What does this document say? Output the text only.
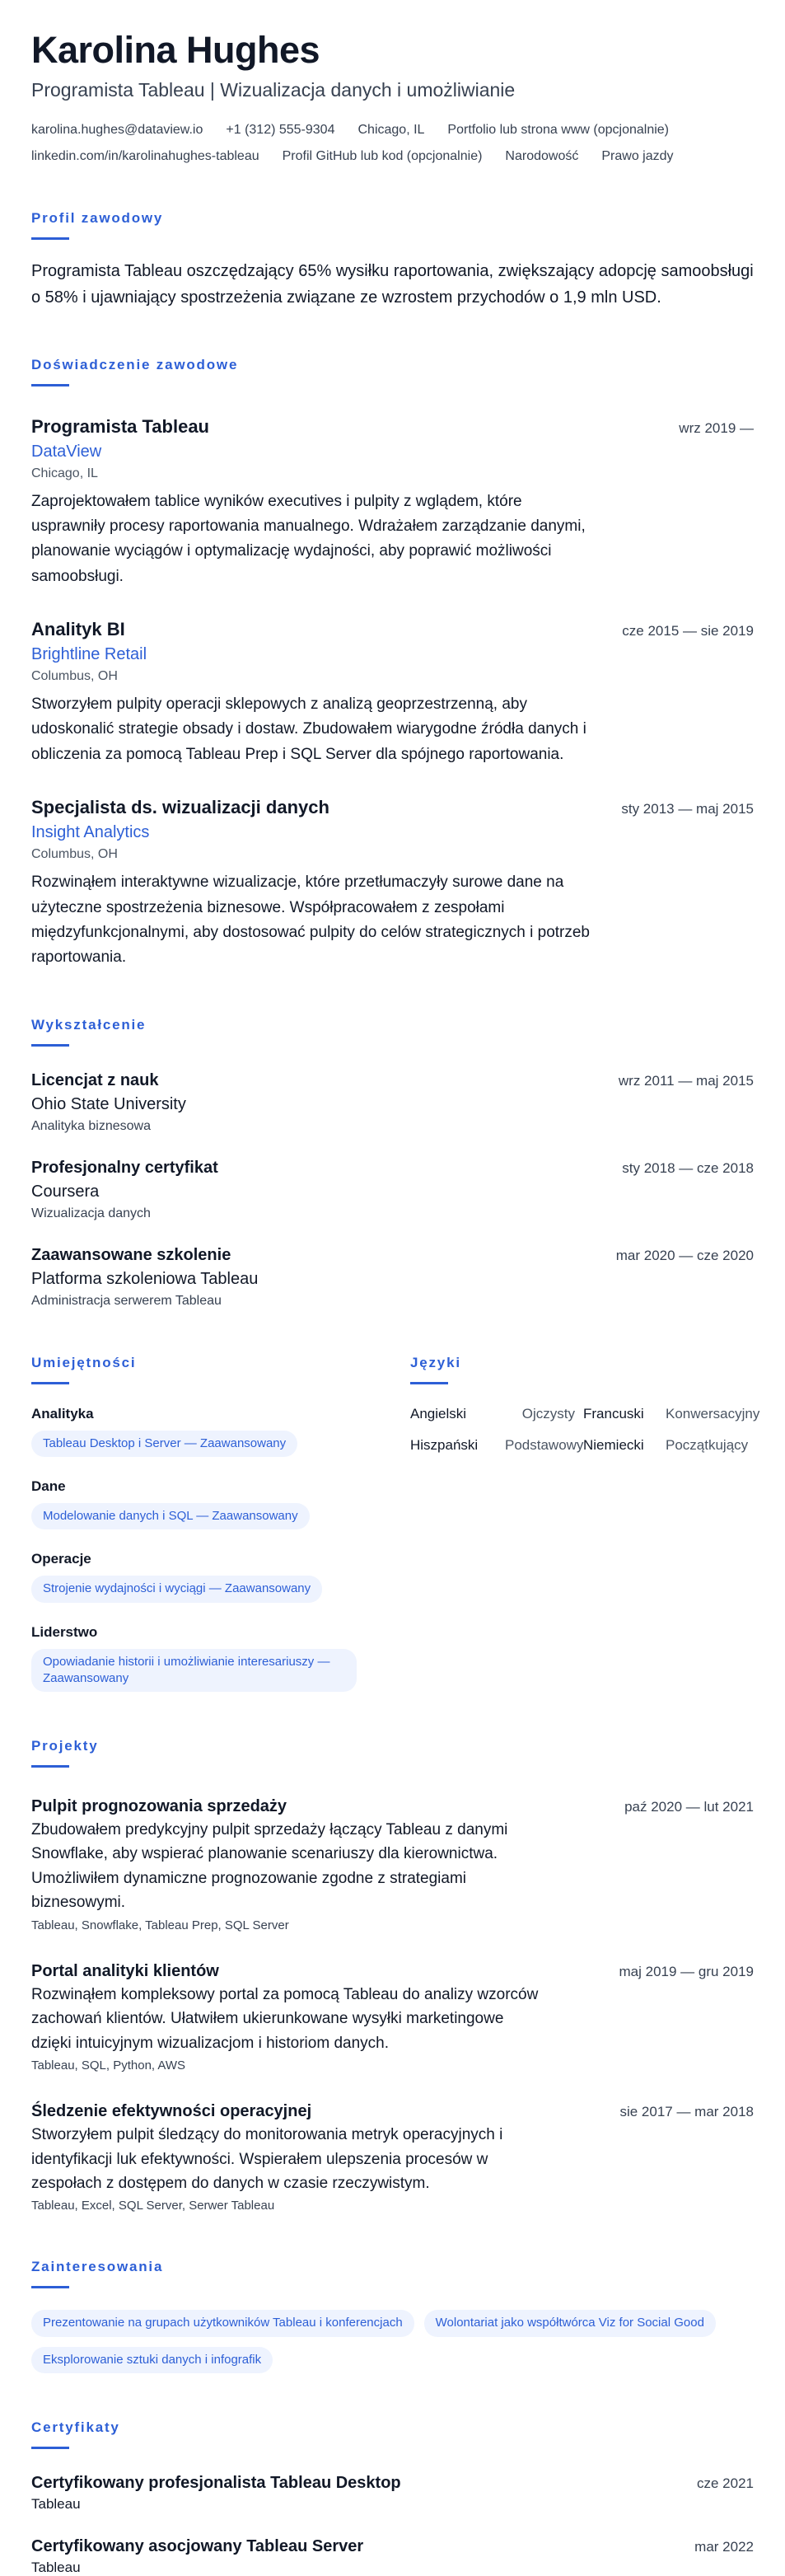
Karolina Hughes
Programista Tableau | Wizualizacja danych i umożliwianie
karolina.hughes@dataview.io +1 (312) 555-9304 Chicago, IL Portfolio lub strona www (opcjonalnie)
linkedin.com/in/karolinahughes-tableau Profil GitHub lub kod (opcjonalnie) Narodowość Prawo jazdy
Profil zawodowy
Programista Tableau oszczędzający 65% wysiłku raportowania, zwiększający adopcję samoobsługi o 58% i ujawniający spostrzeżenia związane ze wzrostem przychodów o 1,9 mln USD.
Doświadczenie zawodowe
Programista Tableau	wrz 2019 —
DataView
Chicago, IL
Zaprojektowałem tablice wyników executives i pulpity z wglądem, które usprawniły procesy raportowania manualnego. Wdrażałem zarządzanie danymi, planowanie wyciągów i optymalizację wydajności, aby poprawić możliwości samoobsługi.
Analityk BI	cze 2015 — sie 2019
Brightline Retail
Columbus, OH
Stworzyłem pulpity operacji sklepowych z analizą geoprzestrzenną, aby udoskonalić strategie obsady i dostaw. Zbudowałem wiarygodne źródła danych i obliczenia za pomocą Tableau Prep i SQL Server dla spójnego raportowania.
Specjalista ds. wizualizacji danych	sty 2013 — maj 2015
Insight Analytics
Columbus, OH
Rozwinąłem interaktywne wizualizacje, które przetłumaczyły surowe dane na użyteczne spostrzeżenia biznesowe. Współpracowałem z zespołami międzyfunkcjonalnymi, aby dostosować pulpity do celów strategicznych i potrzeb raportowania.
Wykształcenie
Licencjat z nauk	wrz 2011 — maj 2015
Ohio State University
Analityka biznesowa
Profesjonalny certyfikat	sty 2018 — cze 2018
Coursera
Wizualizacja danych
Zaawansowane szkolenie	mar 2020 — cze 2020
Platforma szkoleniowa Tableau
Administracja serwerem Tableau
Umiejętności
Analityka
Tableau Desktop i Server — Zaawansowany
Dane
Modelowanie danych i SQL — Zaawansowany
Operacje
Strojenie wydajności i wyciągi — Zaawansowany
Liderstwo
Opowiadanie historii i umożliwianie interesariuszy — Zaawansowany
Języki
Angielski	Ojczysty Francuski	Konwersacyjny
Hiszpański	Podstawowy Niemiecki	Początkujący
Projekty
Pulpit prognozowania sprzedaży	paź 2020 — lut 2021
Zbudowałem predykcyjny pulpit sprzedaży łączący Tableau z danymi Snowflake, aby wspierać planowanie scenariuszy dla kierownictwa. Umożliwiłem dynamiczne prognozowanie zgodne z strategiami biznesowymi.
Tableau, Snowflake, Tableau Prep, SQL Server
Portal analityki klientów	maj 2019 — gru 2019
Rozwinąłem kompleksowy portal za pomocą Tableau do analizy wzorców zachowań klientów. Ułatwiłem ukierunkowane wysyłki marketingowe dzięki intuicyjnym wizualizacjom i historiom danych.
Tableau, SQL, Python, AWS
Śledzenie efektywności operacyjnej	sie 2017 — mar 2018
Stworzyłem pulpit śledzący do monitorowania metryk operacyjnych i identyfikacji luk efektywności. Wspierałem ulepszenia procesów w zespołach z dostępem do danych w czasie rzeczywistym.
Tableau, Excel, SQL Server, Serwer Tableau
Zainteresowania
Prezentowanie na grupach użytkowników Tableau i konferencjach	Wolontariat jako współtwórca Viz for Social Good
Eksplorowanie sztuki danych i infografik
Certyfikaty
Certyfikowany profesjonalista Tableau Desktop
Tableau
cze 2021
Certyfikowany asocjowany Tableau Server
Tableau
mar 2022
